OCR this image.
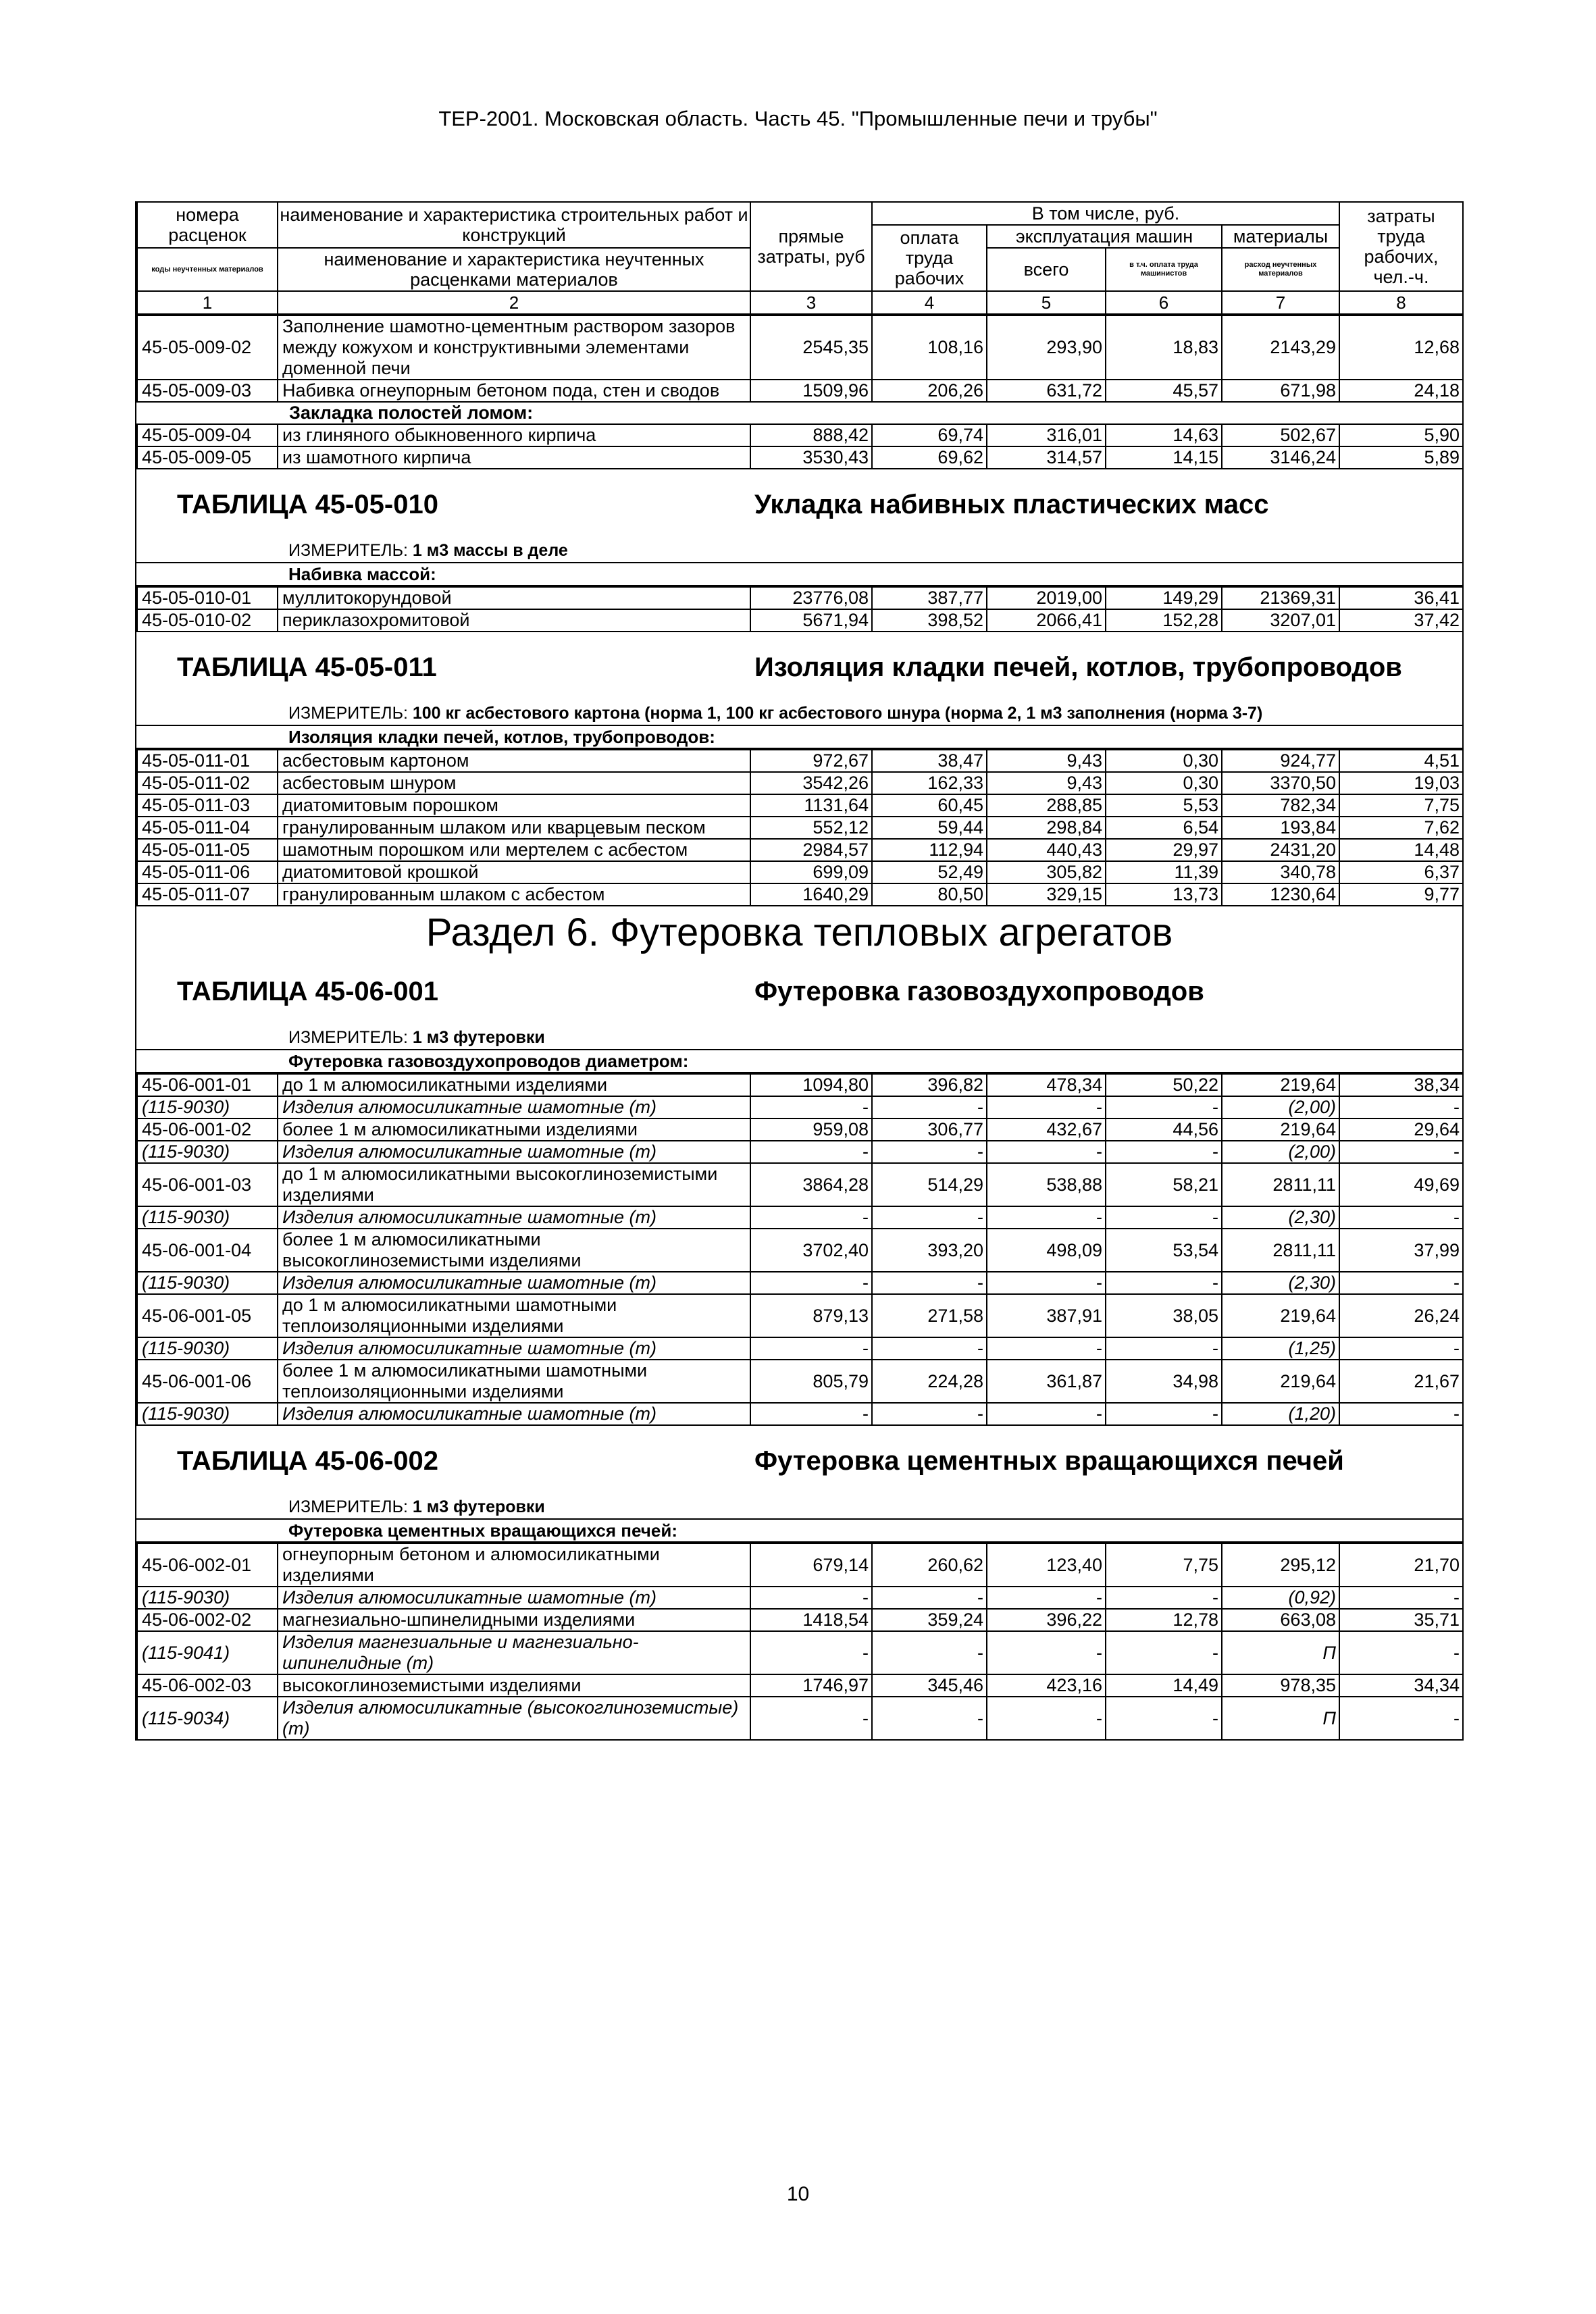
ТЕР-2001. Московская область. Часть 45. "Промышленные печи и трубы"
номера расценок	наименование и характеристика строительных работ и конструкций	прямые затраты, руб	В том числе, руб.				затраты труда рабочих, чел.-ч.
			оплата труда рабочих	эксплуатация машин		материалы	
коды неучтенных материалов	наименование и характеристика неучтенных расценками материалов			всего	в т.ч. оплата труда машинистов	расход неучтенных материалов	

1	2	3	4	5	6	7	8
45-05-009-02	Заполнение шамотно-цементным раствором зазоров между кожухом и конструктивными элементами доменной печи	2545,35	108,16	293,90	18,83	2143,29	12,68
45-05-009-03	Набивка огнеупорным бетоном пода, стен и сводов	1509,96	206,26	631,72	45,57	671,98	24,18
Закладка полостей ломом:							
45-05-009-04	из глиняного обыкновенного кирпича	888,42	69,74	316,01	14,63	502,67	5,90
45-05-009-05	из шамотного кирпича	3530,43	69,62	314,57	14,15	3146,24	5,89
ТАБЛИЦА 45-05-010	Укладка набивных пластических масс
ИЗМЕРИТЕЛЬ: 1 м3 массы в деле
Набивка массой:
45-05-010-01	муллитокорундовой	23776,08	387,77	2019,00	149,29	21369,31	36,41
45-05-010-02	периклазохромитовой	5671,94	398,52	2066,41	152,28	3207,01	37,42
ТАБЛИЦА 45-05-011	Изоляция кладки печей, котлов, трубопроводов
ИЗМЕРИТЕЛЬ: 100 кг асбестового картона (норма 1, 100 кг асбестового шнура (норма 2, 1 м3 заполнения (норма 3-7)
Изоляция кладки печей, котлов, трубопроводов:
45-05-011-01	асбестовым картоном	972,67	38,47	9,43	0,30	924,77	4,51
45-05-011-02	асбестовым шнуром	3542,26	162,33	9,43	0,30	3370,50	19,03
45-05-011-03	диатомитовым порошком	1131,64	60,45	288,85	5,53	782,34	7,75
45-05-011-04	гранулированным шлаком или кварцевым песком	552,12	59,44	298,84	6,54	193,84	7,62
45-05-011-05	шамотным порошком или мертелем с асбестом	2984,57	112,94	440,43	29,97	2431,20	14,48
45-05-011-06	диатомитовой крошкой	699,09	52,49	305,82	11,39	340,78	6,37
45-05-011-07	гранулированным шлаком с асбестом	1640,29	80,50	329,15	13,73	1230,64	9,77
Раздел 6. Футеровка тепловых агрегатов
ТАБЛИЦА 45-06-001	Футеровка газовоздухопроводов
ИЗМЕРИТЕЛЬ: 1 м3 футеровки
Футеровка газовоздухопроводов диаметром:
45-06-001-01	до 1 м алюмосиликатными изделиями	1094,80	396,82	478,34	50,22	219,64	38,34
(115-9030)	Изделия алюмосиликатные шамотные (т)	-	-	-	-	(2,00)	-
45-06-001-02	более 1 м алюмосиликатными изделиями	959,08	306,77	432,67	44,56	219,64	29,64
(115-9030)	Изделия алюмосиликатные шамотные (т)	-	-	-	-	(2,00)	-
45-06-001-03	до 1 м алюмосиликатными высокоглиноземистыми изделиями	3864,28	514,29	538,88	58,21	2811,11	49,69
(115-9030)	Изделия алюмосиликатные шамотные (т)	-	-	-	-	(2,30)	-
45-06-001-04	более 1 м алюмосиликатными высокоглиноземистыми изделиями	3702,40	393,20	498,09	53,54	2811,11	37,99
(115-9030)	Изделия алюмосиликатные шамотные (т)	-	-	-	-	(2,30)	-
45-06-001-05	до 1 м алюмосиликатными шамотными теплоизоляционными изделиями	879,13	271,58	387,91	38,05	219,64	26,24
(115-9030)	Изделия алюмосиликатные шамотные (т)	-	-	-	-	(1,25)	-
45-06-001-06	более 1 м алюмосиликатными шамотными теплоизоляционными изделиями	805,79	224,28	361,87	34,98	219,64	21,67
(115-9030)	Изделия алюмосиликатные шамотные (т)	-	-	-	-	(1,20)	-
ТАБЛИЦА 45-06-002	Футеровка цементных вращающихся печей
ИЗМЕРИТЕЛЬ: 1 м3 футеровки
Футеровка цементных вращающихся печей:
45-06-002-01	огнеупорным бетоном и алюмосиликатными изделиями	679,14	260,62	123,40	7,75	295,12	21,70
(115-9030)	Изделия алюмосиликатные шамотные (т)	-	-	-	-	(0,92)	-
45-06-002-02	магнезиально-шпинелидными изделиями	1418,54	359,24	396,22	12,78	663,08	35,71
(115-9041)	Изделия магнезиальные и магнезиально-шпинелидные (т)	-	-	-	-	П	-
45-06-002-03	высокоглиноземистыми изделиями	1746,97	345,46	423,16	14,49	978,35	34,34
(115-9034)	Изделия алюмосиликатные (высокоглиноземистые) (т)	-	-	-	-	П	-
10
